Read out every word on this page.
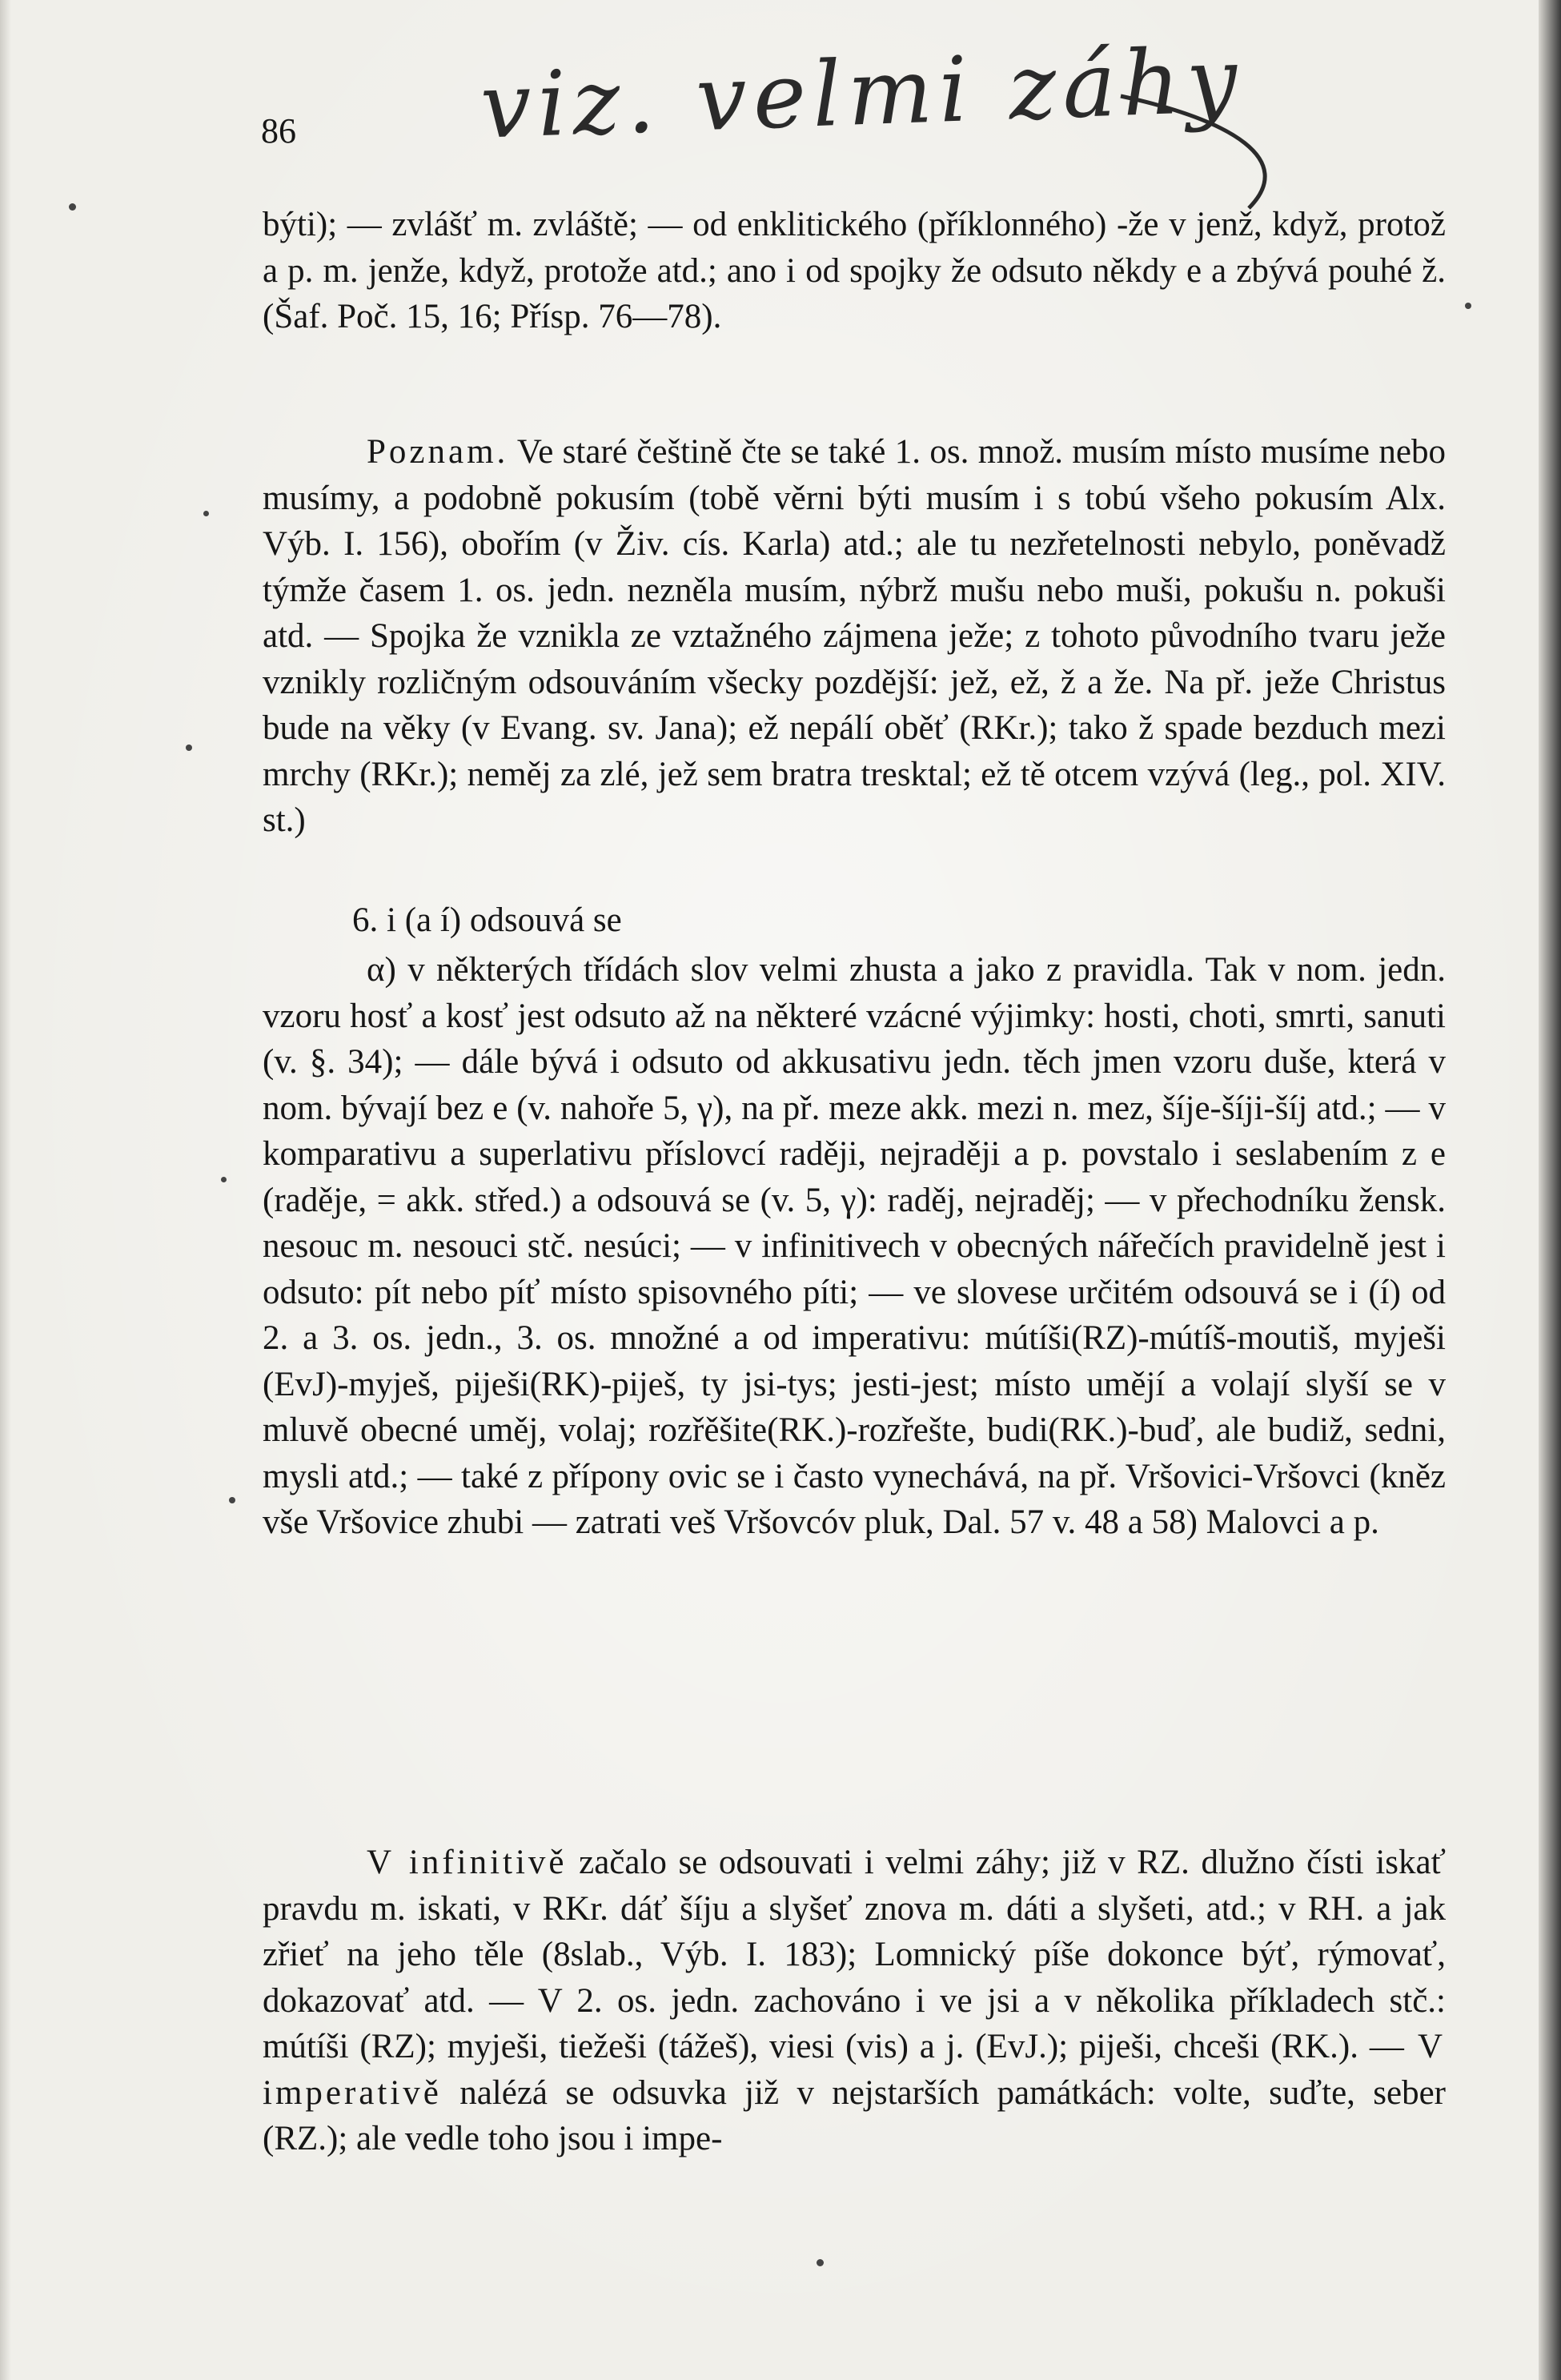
86 viz. velmi záhy

býti); — zvlášť m. zvláště; — od enklitického (příklonného) -že v jenž, když, protož a p. m. jenže, když, protože atd.; ano i od spojky že odsuto někdy e a zbývá pouhé ž. (Šaf. Poč. 15, 16; Přísp. 76—78).

Poznam. Ve staré češtině čte se také 1. os. množ. musím místo musíme nebo musímy, a podobně pokusím (tobě věrni býti musím i s tobú všeho pokusím Alx. Výb. I. 156), obořím (v Živ. cís. Karla) atd.; ale tu nezřetelnosti nebylo, poněvadž týmže časem 1. os. jedn. nezněla musím, nýbrž mušu nebo muši, pokušu n. pokuši atd. — Spojka že vznikla ze vztažného zájmena ježe; z tohoto původního tvaru ježe vznikly rozličným odsouváním všecky pozdější: jež, ež, ž a že. Na př. ježe Christus bude na věky (v Evang. sv. Jana); ež nepálí oběť (RKr.); tako ž spade bezduch mezi mrchy (RKr.); neměj za zlé, jež sem bratra tresktal; ež tě otcem vzývá (leg., pol. XIV. st.)

6. i (a í) odsouvá se

α) v některých třídách slov velmi zhusta a jako z pravidla. Tak v nom. jedn. vzoru hosť a kosť jest odsuto až na některé vzácné výjimky: hosti, choti, smrti, sanuti (v. §. 34); — dále bývá i odsuto od akkusativu jedn. těch jmen vzoru duše, která v nom. bývají bez e (v. nahoře 5, γ), na př. meze akk. mezi n. mez, šíje-šíji-šíj atd.; — v komparativu a superlativu příslovcí raději, nejraději a p. povstalo i seslabením z e (raděje, = akk. střed.) a odsouvá se (v. 5, γ): raděj, nejraděj; — v přechodníku žensk. nesouc m. nesouci stč. nesúci; — v infinitivech v obecných nářečích pravidelně jest i odsuto: pít nebo píť místo spisovného píti; — ve slovese určitém odsouvá se i (í) od 2. a 3. os. jedn., 3. os. množné a od imperativu: mútíši(RZ)-mútíš-moutiš, myješi (EvJ)-myješ, piješi(RK)-piješ, ty jsi-tys; jesti-jest; místo umějí a volají slyší se v mluvě obecné uměj, volaj; rozřěšite(RK.)-rozřešte, budi(RK.)-buď, ale budiž, sedni, mysli atd.; — také z přípony ovic se i často vynechává, na př. Vršovici-Vršovci (kněz vše Vršovice zhubi — zatrati veš Vršovcóv pluk, Dal. 57 v. 48 a 58) Malovci a p.

V infinitivě začalo se odsouvati i velmi záhy; již v RZ. dlužno čísti iskať pravdu m. iskati, v RKr. dáť šíju a slyšeť znova m. dáti a slyšeti, atd.; v RH. a jak zřieť na jeho těle (8slab., Výb. I. 183); Lomnický píše dokonce býť, rýmovať, dokazovať atd. — V 2. os. jedn. zachováno i ve jsi a v několika příkladech stč.: mútíši (RZ); myješi, tiežeši (tážeš), viesi (vis) a j. (EvJ.); piješi, chceši (RK.). — V imperativě nalézá se odsuvka již v nejstarších památkách: volte, suďte, seber (RZ.); ale vedle toho jsou i impe-
